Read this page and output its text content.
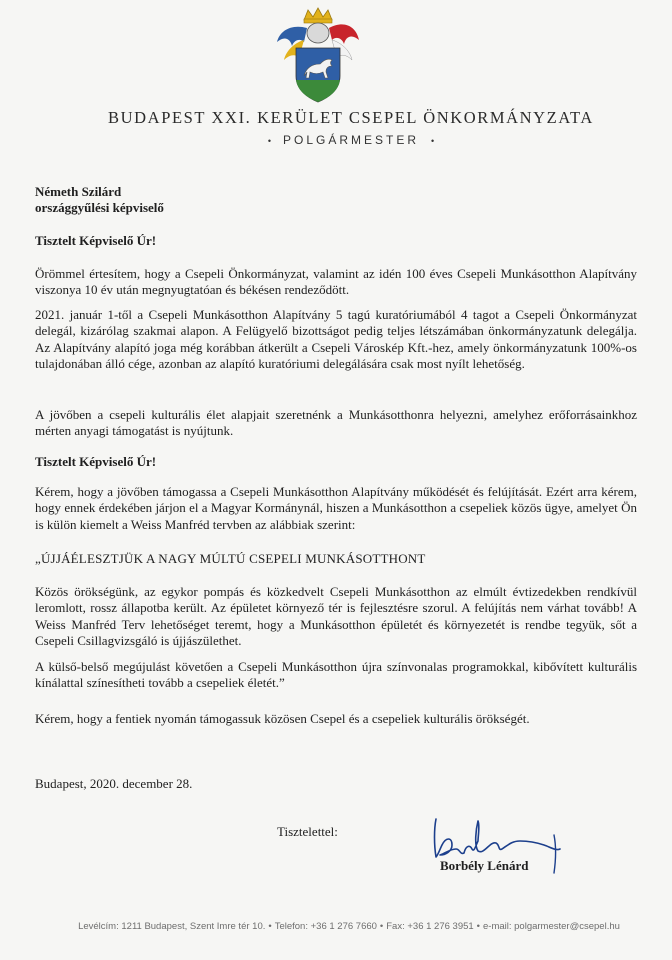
BUDAPEST XXI. KERÜLET CSEPEL ÖNKORMÁNYZATA
• POLGÁRMESTER •
Németh Szilárd
országgyűlési képviselő
Tisztelt Képviselő Úr!
Örömmel értesítem, hogy a Csepeli Önkormányzat, valamint az idén 100 éves Csepeli Munkásotthon Alapítvány viszonya 10 év után megnyugtatóan és békésen rendeződött.
2021. január 1-től a Csepeli Munkásotthon Alapítvány 5 tagú kuratóriumából 4 tagot a Csepeli Önkormányzat delegál, kizárólag szakmai alapon. A Felügyelő bizottságot pedig teljes létszámában önkormányzatunk delegálja. Az Alapítvány alapító joga még korábban átkerült a Csepeli Városkép Kft.-hez, amely önkormányzatunk 100%-os tulajdonában álló cége, azonban az alapító kuratóriumi delegálására csak most nyílt lehetőség.
A jövőben a csepeli kulturális élet alapjait szeretnénk a Munkásotthonra helyezni, amelyhez erőforrásainkhoz mérten anyagi támogatást is nyújtunk.
Tisztelt Képviselő Úr!
Kérem, hogy a jövőben támogassa a Csepeli Munkásotthon Alapítvány működését és felújítását. Ezért arra kérem, hogy ennek érdekében járjon el a Magyar Kormánynál, hiszen a Munkásotthon a csepeliek közös ügye, amelyet Ön is külön kiemelt a Weiss Manfréd tervben az alábbiak szerint:
„ÚJJÁÉLESZTJÜK A NAGY MÚLTÚ CSEPELI MUNKÁSOTTHONT
Közös örökségünk, az egykor pompás és közkedvelt Csepeli Munkásotthon az elmúlt évtizedekben rendkívül leromlott, rossz állapotba került. Az épületet környező tér is fejlesztésre szorul. A felújítás nem várhat tovább! A Weiss Manfréd Terv lehetőséget teremt, hogy a Munkásotthon épületét és környezetét is rendbe tegyük, sőt a Csepeli Csillagvizsgáló is újjászülethet.
A külső-belső megújulást követően a Csepeli Munkásotthon újra színvonalas programokkal, kibővített kulturális kínálattal színesítheti tovább a csepeliek életét.”
Kérem, hogy a fentiek nyomán támogassuk közösen Csepel és a csepeliek kulturális örökségét.
Budapest, 2020. december 28.
Tisztelettel:
Borbély Lénárd
Levélcím: 1211 Budapest, Szent Imre tér 10. • Telefon: +36 1 276 7660 • Fax: +36 1 276 3951 • e-mail: polgarmester@csepel.hu
